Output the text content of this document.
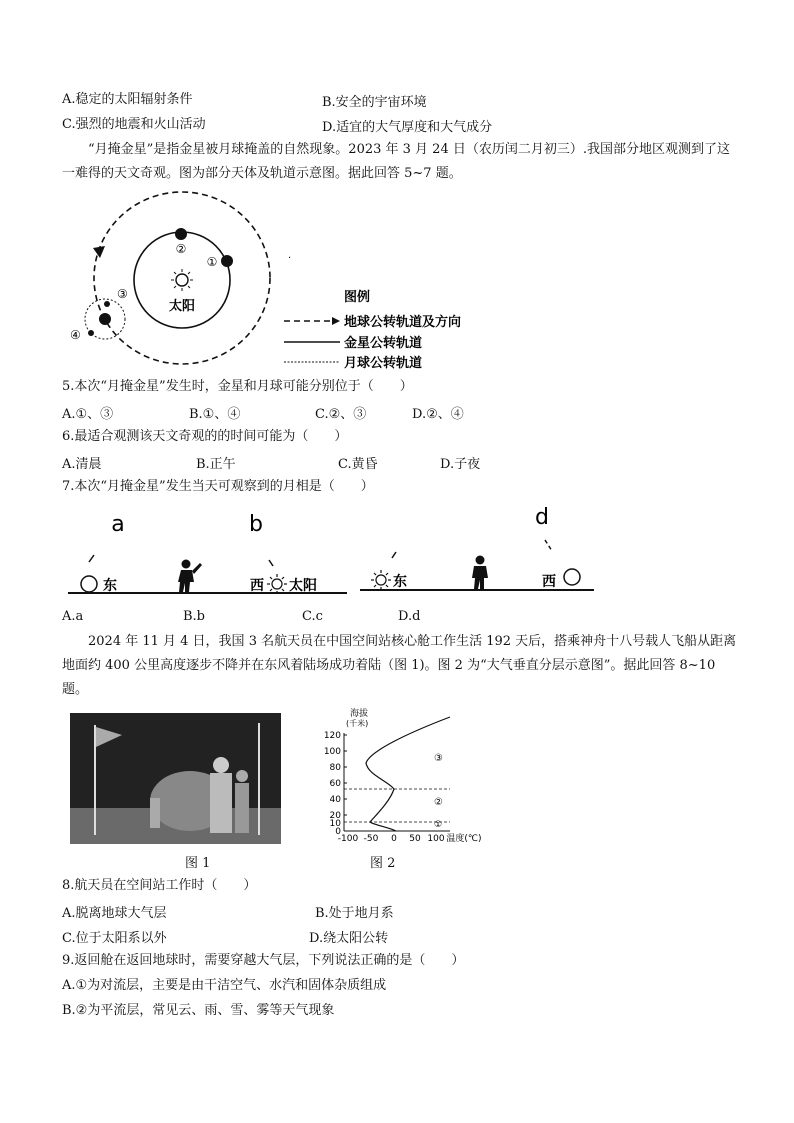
A.稳定的太阳辐射条件	B.安全的宇宙环境
C.强烈的地震和火山活动	D.适宜的大气厚度和大气成分
“月掩金星”是指金星被月球掩盖的自然现象。2023 年 3 月 24 日（农历闰二月初三）.我国部分地区观测到了这一难得的天文奇观。图为部分天体及轨道示意图。据此回答 5~7 题。
太阳
②
①
③
④
.
图例
地球公转轨道及方向
金星公转轨道
月球公转轨道
5.本次“月掩金星”发生时，金星和月球可能分别位于（　　）
A.①、③	B.①、④	C.②、③	D.②、④
6.最适合观测该天文奇观的的时间可能为（　　）
A.清晨	B.正午	C.黄昏	D.子夜
7.本次“月掩金星”发生当天可观察到的月相是（　　）
a	b	d
东	西 太阳	东	西
A.a	B.b	C.c	D.d
2024 年 11 月 4 日，我国 3 名航天员在中国空间站核心舱工作生活 192 天后，搭乘神舟十八号载人飞船从距离地面约 400 公里高度逐步不降并在东风着陆场成功着陆（图 1)。图 2 为“大气垂直分层示意图”。据此回答 8~10 题。
海拔
(千米)
120
100
80
60
40
20
10
0
-100 -50 0 50 100 温度(℃)
③
②
①
图 1	图 2
8.航天员在空间站工作时（　　）
A.脱离地球大气层	B.处于地月系
C.位于太阳系以外	D.绕太阳公转
9.返回舱在返回地球时，需要穿越大气层，下列说法正确的是（　　）
A.①为对流层，主要是由干洁空气、水汽和固体杂质组成
B.②为平流层，常见云、雨、雪、雾等天气现象
